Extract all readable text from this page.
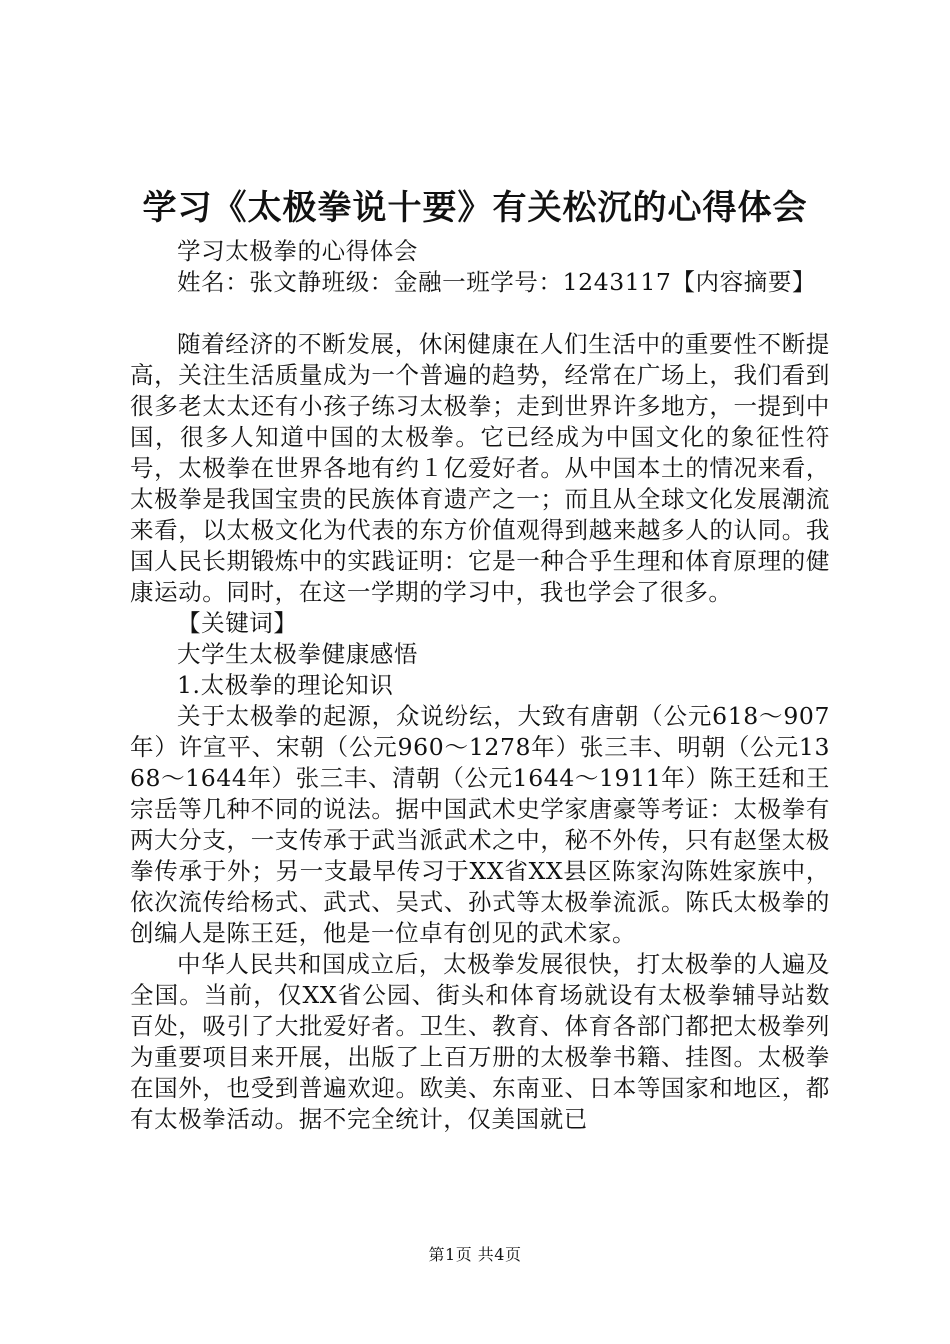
学习《太极拳说十要》有关松沉的心得体会

学习太极拳的心得体会

姓名：张文静班级：金融一班学号：1243117【内容摘要】

随着经济的不断发展，休闲健康在人们生活中的重要性不断提高，关注生活质量成为一个普遍的趋势，经常在广场上，我们看到很多老太太还有小孩子练习太极拳；走到世界许多地方，一提到中国，很多人知道中国的太极拳。它已经成为中国文化的象征性符号，太极拳在世界各地有约１亿爱好者。从中国本土的情况来看，太极拳是我国宝贵的民族体育遗产之一；而且从全球文化发展潮流来看，以太极文化为代表的东方价值观得到越来越多人的认同。我国人民长期锻炼中的实践证明：它是一种合乎生理和体育原理的健康运动。同时，在这一学期的学习中，我也学会了很多。

【关键词】

大学生太极拳健康感悟

1.太极拳的理论知识

关于太极拳的起源，众说纷纭，大致有唐朝（公元618～907年）许宣平、宋朝（公元960～1278年）张三丰、明朝（公元1368～1644年）张三丰、清朝（公元1644～1911年）陈王廷和王宗岳等几种不同的说法。据中国武术史学家唐豪等考证：太极拳有两大分支，一支传承于武当派武术之中，秘不外传，只有赵堡太极拳传承于外；另一支最早传习于XX省XX县区陈家沟陈姓家族中，依次流传给杨式、武式、吴式、孙式等太极拳流派。陈氏太极拳的创编人是陈王廷，他是一位卓有创见的武术家。

中华人民共和国成立后，太极拳发展很快，打太极拳的人遍及全国。当前，仅XX省公园、街头和体育场就设有太极拳辅导站数百处，吸引了大批爱好者。卫生、教育、体育各部门都把太极拳列为重要项目来开展，出版了上百万册的太极拳书籍、挂图。太极拳在国外，也受到普遍欢迎。欧美、东南亚、日本等国家和地区，都有太极拳活动。据不完全统计，仅美国就已

第1页 共4页
